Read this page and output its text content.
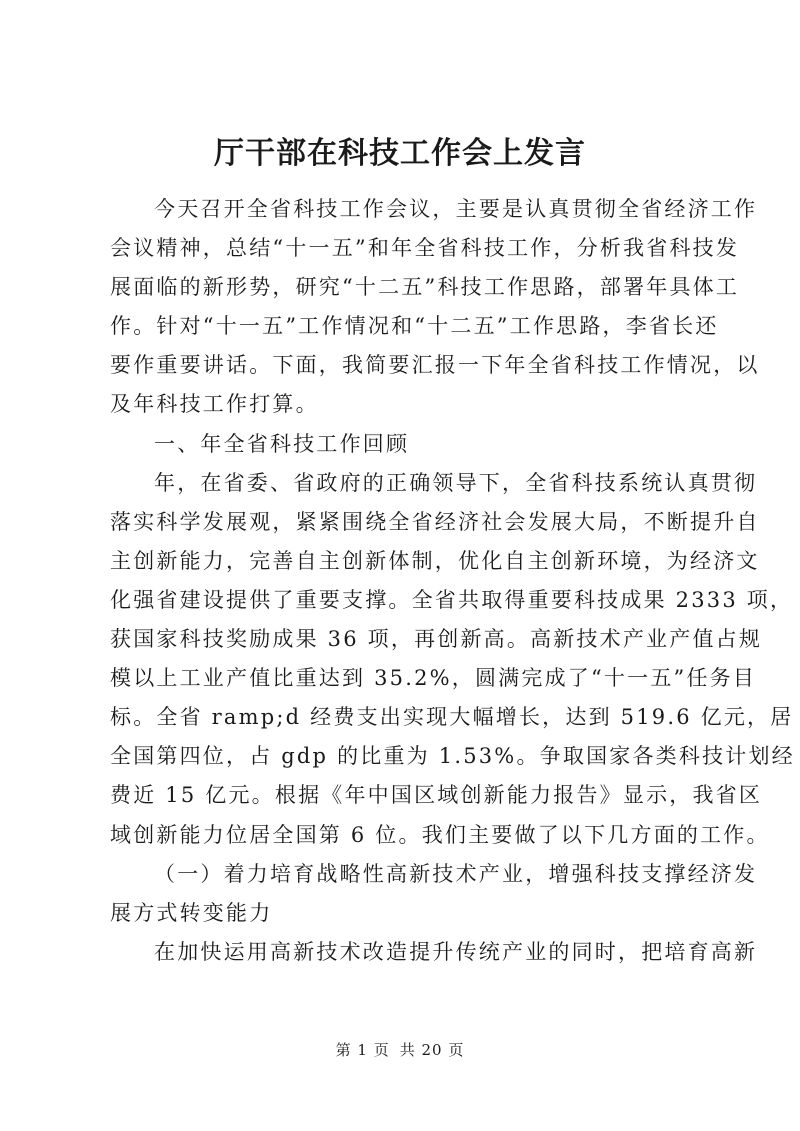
厅干部在科技工作会上发言
今天召开全省科技工作会议，主要是认真贯彻全省经济工作
会议精神，总结“十一五”和年全省科技工作，分析我省科技发
展面临的新形势，研究“十二五”科技工作思路，部署年具体工
作。针对“十一五”工作情况和“十二五”工作思路，李省长还
要作重要讲话。下面，我简要汇报一下年全省科技工作情况，以
及年科技工作打算。
一、年全省科技工作回顾
年，在省委、省政府的正确领导下，全省科技系统认真贯彻
落实科学发展观，紧紧围绕全省经济社会发展大局，不断提升自
主创新能力，完善自主创新体制，优化自主创新环境，为经济文
化强省建设提供了重要支撑。全省共取得重要科技成果 2333 项，
获国家科技奖励成果 36 项，再创新高。高新技术产业产值占规
模以上工业产值比重达到 35.2%，圆满完成了“十一五”任务目
标。全省 ramp;d 经费支出实现大幅增长，达到 519.6 亿元，居
全国第四位，占 gdp 的比重为 1.53%。争取国家各类科技计划经
费近 15 亿元。根据《年中国区域创新能力报告》显示，我省区
域创新能力位居全国第 6 位。我们主要做了以下几方面的工作。
（一）着力培育战略性高新技术产业，增强科技支撑经济发
展方式转变能力
在加快运用高新技术改造提升传统产业的同时，把培育高新
第 1 页 共 20 页
